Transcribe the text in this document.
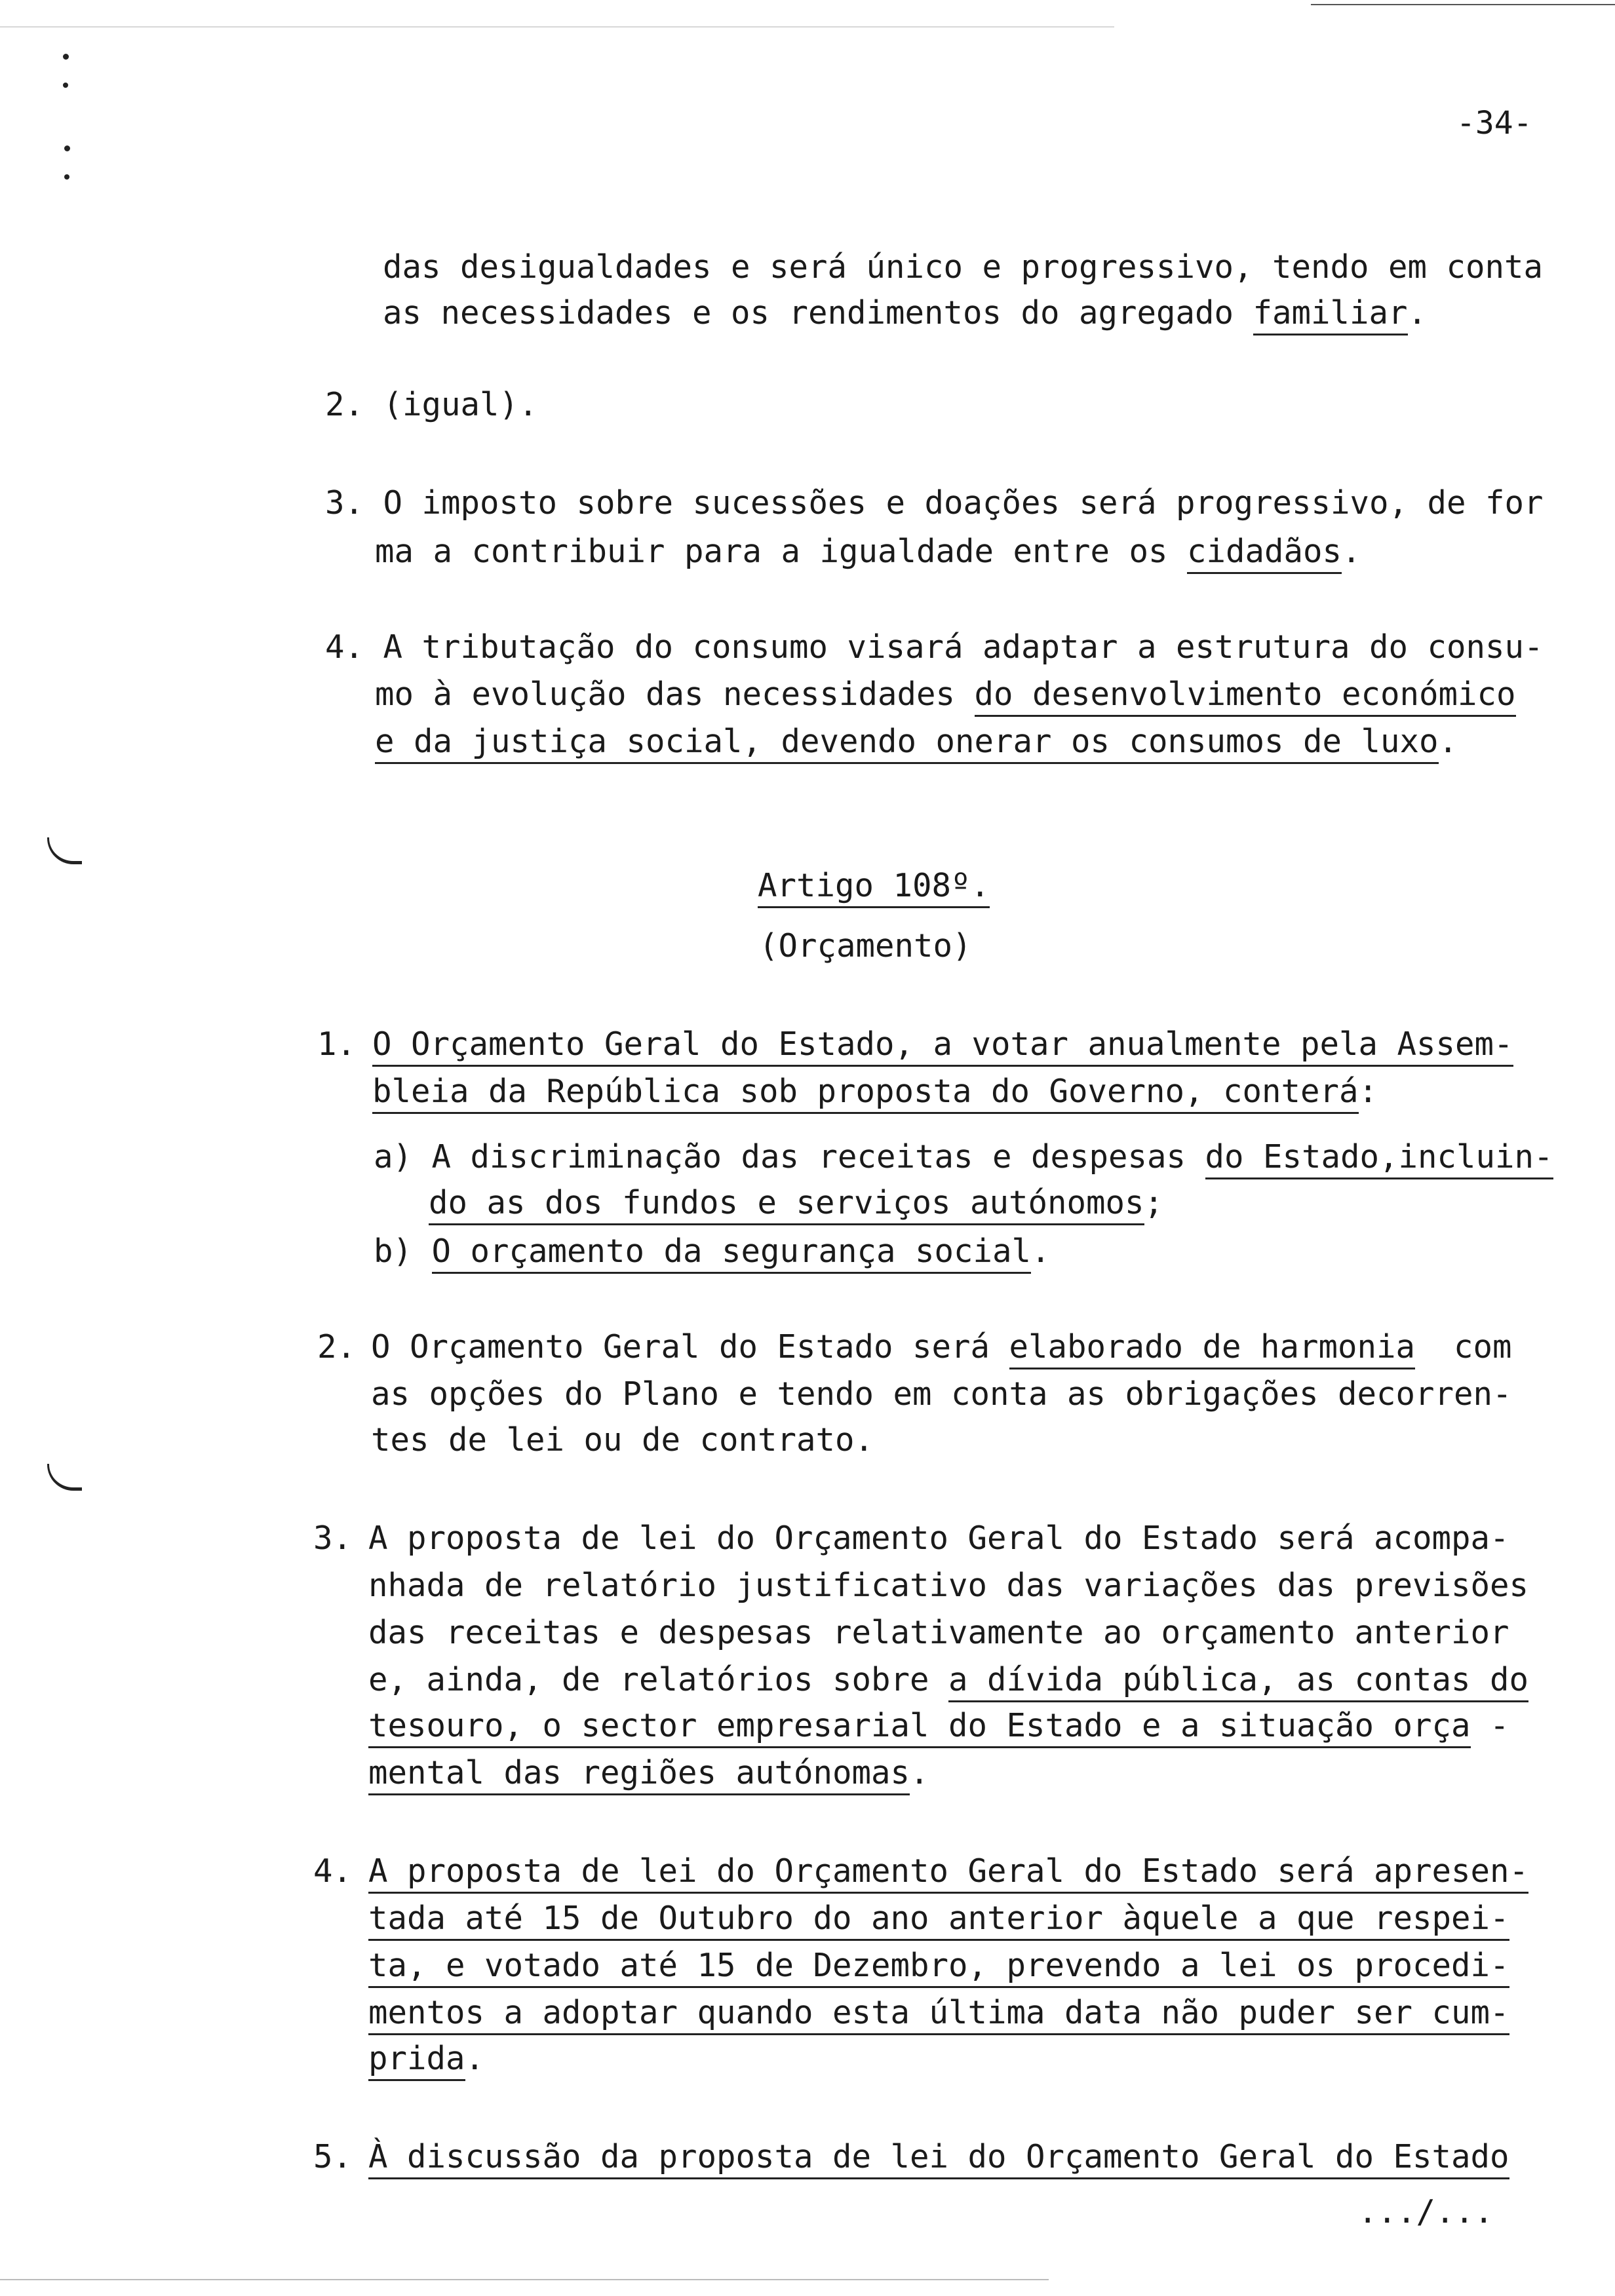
-34-
das desigualdades e será único e progressivo, tendo em conta
as necessidades e os rendimentos do agregado familiar.
2. (igual).
3. O imposto sobre sucessões e doações será progressivo, de for
ma a contribuir para a igualdade entre os cidadãos.
4. A tributação do consumo visará adaptar a estrutura do consu-
mo à evolução das necessidades do desenvolvimento económico
e da justiça social, devendo onerar os consumos de luxo.
Artigo 108º.
(Orçamento)
1. O Orçamento Geral do Estado, a votar anualmente pela Assem-
bleia da República sob proposta do Governo, conterá:
a) A discriminação das receitas e despesas do Estado,incluin-
do as dos fundos e serviços autónomos;
b) O orçamento da segurança social.
2. O Orçamento Geral do Estado será elaborado de harmonia  com
as opções do Plano e tendo em conta as obrigações decorren-
tes de lei ou de contrato.
3. A proposta de lei do Orçamento Geral do Estado será acompa-
nhada de relatório justificativo das variações das previsões
das receitas e despesas relativamente ao orçamento anterior
e, ainda, de relatórios sobre a dívida pública, as contas do
tesouro, o sector empresarial do Estado e a situação orça -
mental das regiões autónomas.
4. A proposta de lei do Orçamento Geral do Estado será apresen-
tada até 15 de Outubro do ano anterior àquele a que respei-
ta, e votado até 15 de Dezembro, prevendo a lei os procedi-
mentos a adoptar quando esta última data não puder ser cum-
prida.
5. À discussão da proposta de lei do Orçamento Geral do Estado
.../...
